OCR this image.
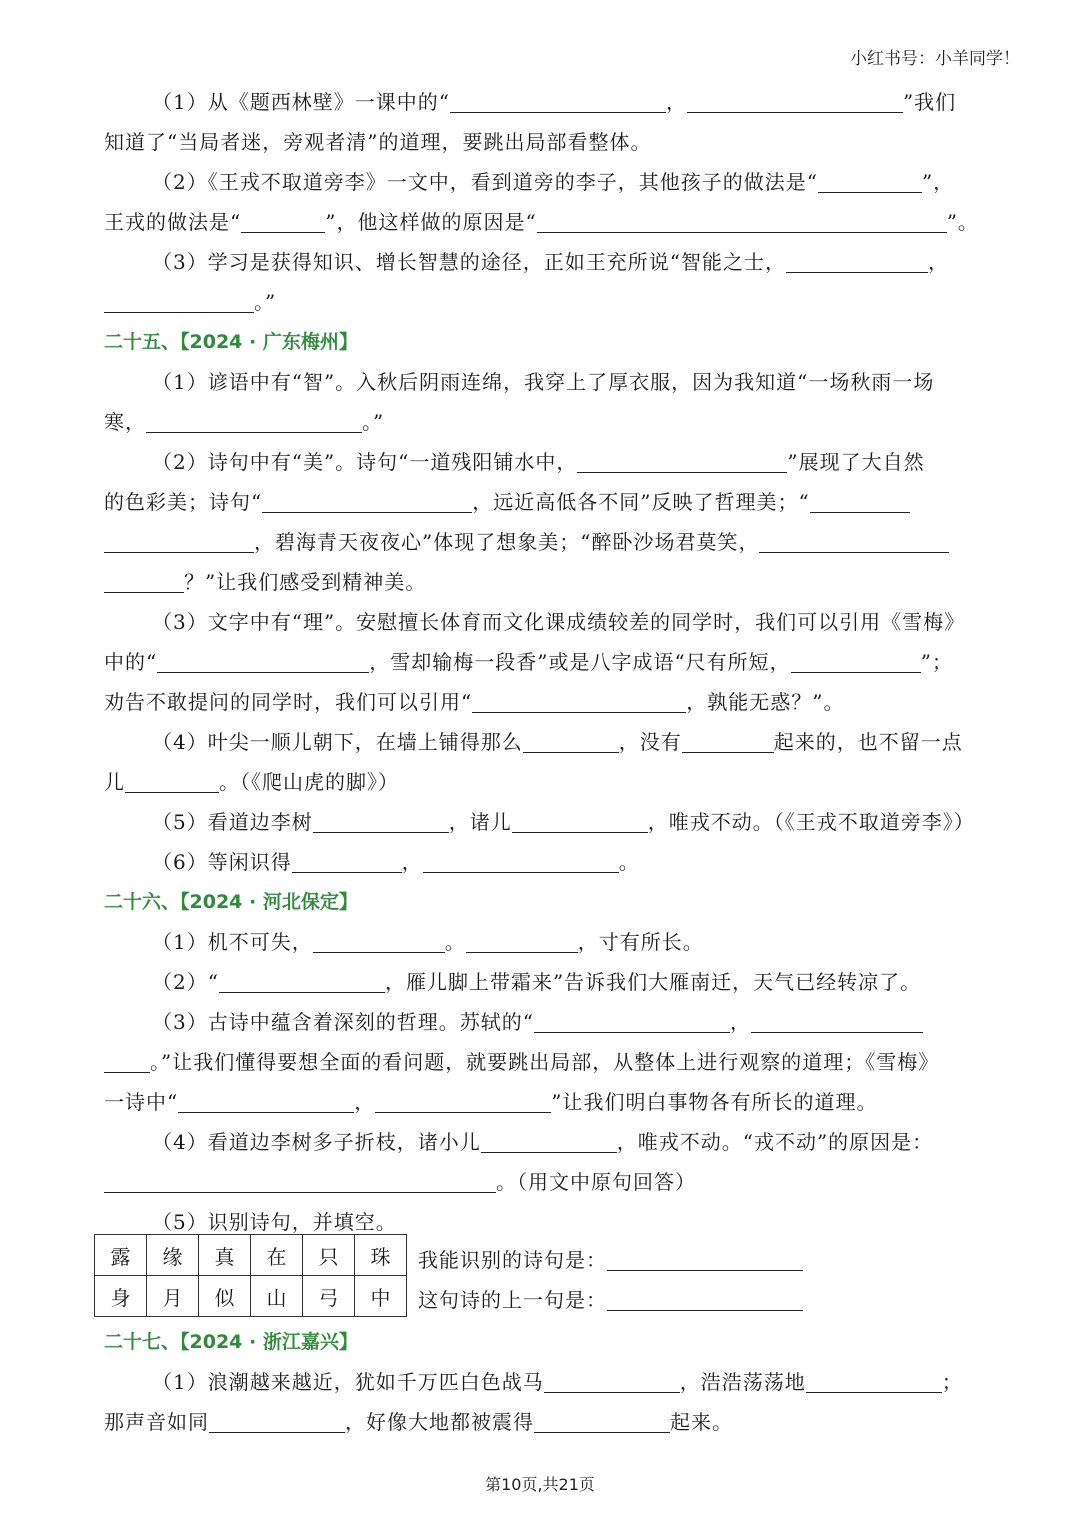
小红书号：小羊同学！
（1）从《题西林壁》一课中的“	，	”我们
知道了“当局者迷，旁观者清”的道理，要跳出局部看整体。
（2）《王戎不取道旁李》一文中，看到道旁的李子，其他孩子的做法是“	”，
王戎的做法是“	”，他这样做的原因是“	”。
（3）学习是获得知识、增长智慧的途径，正如王充所说“智能之士，	，
。”
二十五、【2024 · 广东梅州】
（1）谚语中有“智”。入秋后阴雨连绵，我穿上了厚衣服，因为我知道“一场秋雨一场
寒，	。”
（2）诗句中有“美”。诗句“一道残阳铺水中，	”展现了大自然
的色彩美；诗句“	，远近高低各不同”反映了哲理美；“
，碧海青天夜夜心”体现了想象美；“醉卧沙场君莫笑，
？”让我们感受到精神美。
（3）文字中有“理”。安慰擅长体育而文化课成绩较差的同学时，我们可以引用《雪梅》
中的“	，雪却输梅一段香”或是八字成语“尺有所短，	”；
劝告不敢提问的同学时，我们可以引用“	，孰能无惑？”。
（4）叶尖一顺儿朝下，在墙上铺得那么	，没有	起来的，也不留一点
儿	。（《爬山虎的脚》）
（5）看道边李树	，诸儿	，唯戎不动。（《王戎不取道旁李》）
（6）等闲识得	，	。
二十六、【2024 · 河北保定】
（1）机不可失，	。	，寸有所长。
（2）“	，雁儿脚上带霜来”告诉我们大雁南迁，天气已经转凉了。
（3）古诗中蕴含着深刻的哲理。苏轼的“	，
。”让我们懂得要想全面的看问题，就要跳出局部，从整体上进行观察的道理；《雪梅》
一诗中“	，	”让我们明白事物各有所长的道理。
（4）看道边李树多子折枝，诸小儿	，唯戎不动。“戎不动”的原因是：
。（用文中原句回答）
（5）识别诗句，并填空。
露	缘	真	在	只	珠
身	月	似	山	弓	中
我能识别的诗句是：
这句诗的上一句是：
二十七、【2024 · 浙江嘉兴】
（1）浪潮越来越近，犹如千万匹白色战马	，浩浩荡荡地	；
那声音如同	，好像大地都被震得	起来。
第10页,共21页
